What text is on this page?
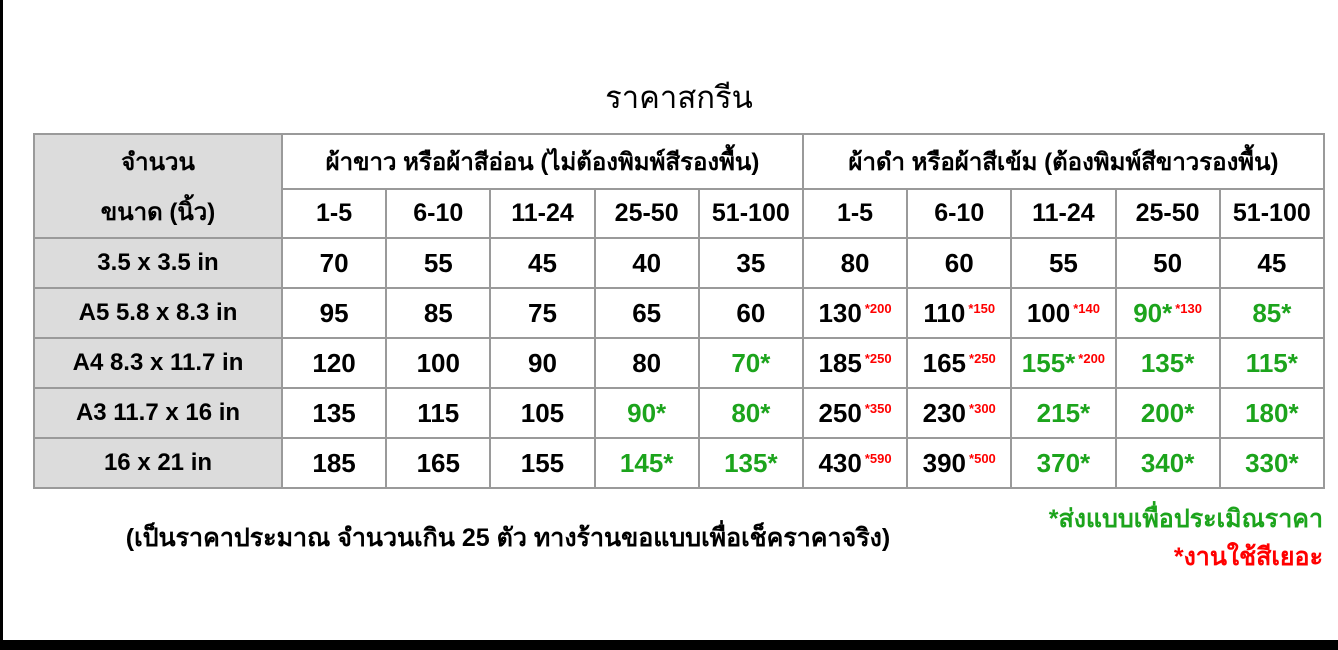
ราคาสกรีน
จำนวน
ขนาด (นิ้ว)	ผ้าขาว หรือผ้าสีอ่อน (ไม่ต้องพิมพ์สีรองพื้น)					ผ้าดำ หรือผ้าสีเข้ม (ต้องพิมพ์สีขาวรองพื้น)				
	1-5	6-10	11-24	25-50	51-100	1-5	6-10	11-24	25-50	51-100
3.5 x 3.5 in	70	55	45	40	35	80	60	55	50	45
A5 5.8 x 8.3 in	95	85	75	65	60	130 *200	110 *150	100 *140	90* *130	85*
A4 8.3 x 11.7 in	120	100	90	80	70*	185 *250	165 *250	155* *200	135*	115*
A3 11.7 x 16 in	135	115	105	90*	80*	250 *350	230 *300	215*	200*	180*
16 x 21 in	185	165	155	145*	135*	430 *590	390 *500	370*	340*	330*
(เป็นราคาประมาณ จำนวนเกิน 25 ตัว ทางร้านขอแบบเพื่อเช็คราคาจริง)
*ส่งแบบเพื่อประเมิณราคา
*งานใช้สีเยอะ
